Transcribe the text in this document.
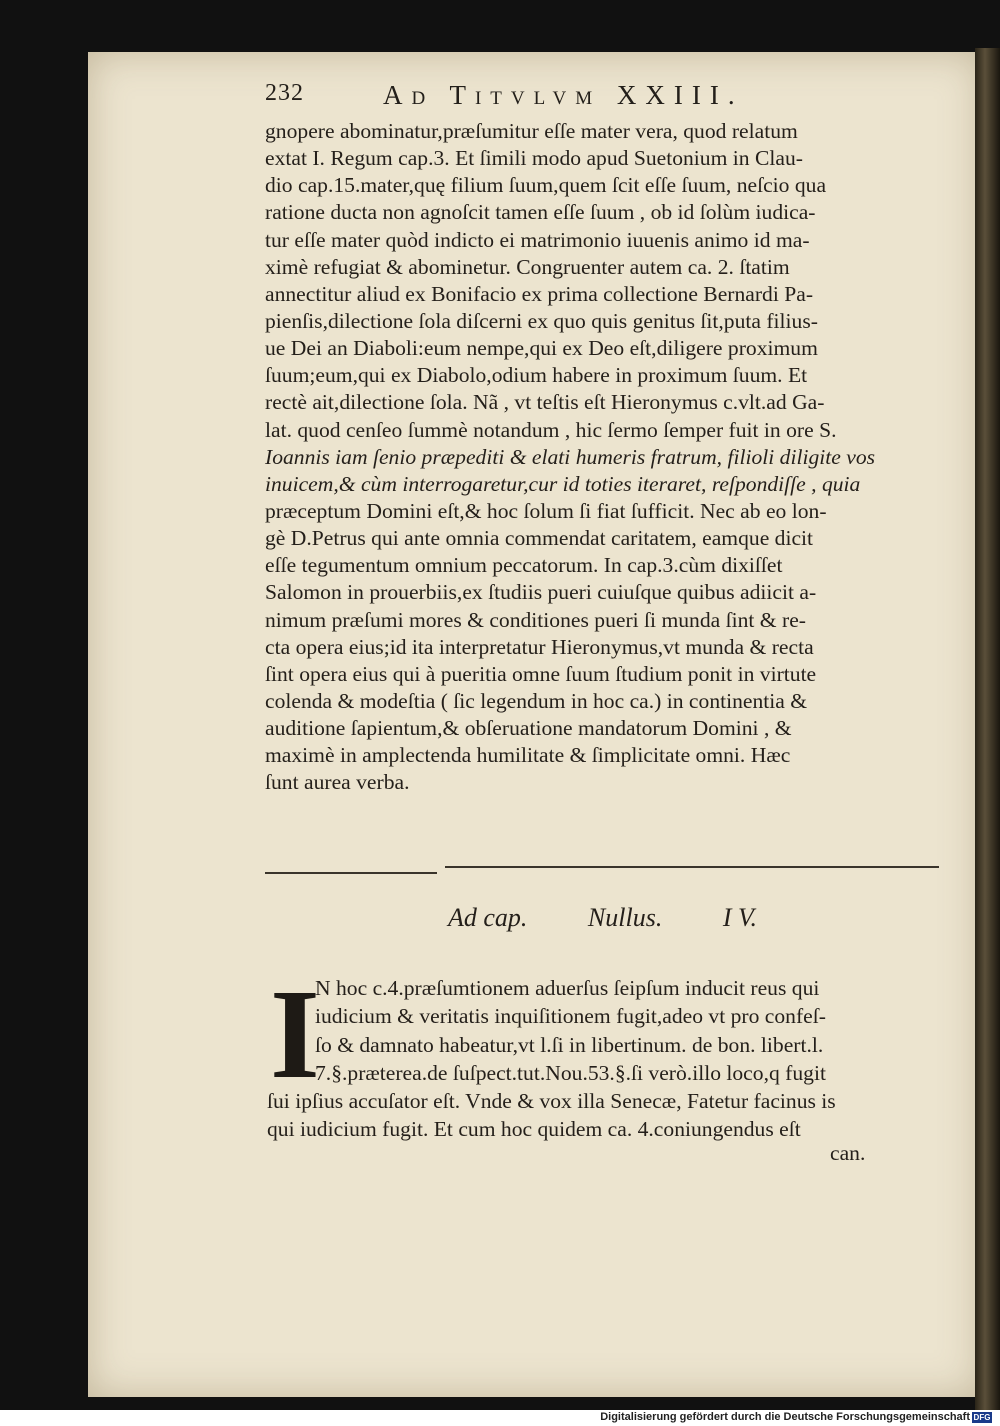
232	Ad Titvlvm XXIII.
gnopere abominatur,præſumitur eſſe mater vera, quod relatum
extat I. Regum cap.3. Et ſimili modo apud Suetonium in Clau-
dio cap.15.mater,quę filium ſuum,quem ſcit eſſe ſuum, neſcio qua
ratione ducta non agnoſcit tamen eſſe ſuum , ob id ſolùm iudica-
tur eſſe mater quòd indicto ei matrimonio iuuenis animo id ma-
ximè refugiat & abominetur. Congruenter autem ca. 2. ſtatim
annectitur aliud ex Bonifacio ex prima collectione Bernardi Pa-
pienſis,dilectione ſola diſcerni ex quo quis genitus ſit,puta filius-
ue Dei an Diaboli:eum nempe,qui ex Deo eſt,diligere proximum
ſuum;eum,qui ex Diabolo,odium habere in proximum ſuum. Et
rectè ait,dilectione ſola. Nã , vt teſtis eſt Hieronymus c.vlt.ad Ga-
lat. quod cenſeo ſummè notandum , hic ſermo ſemper fuit in ore S.
Ioannis iam ſenio præpediti & elati humeris fratrum, filioli diligite vos
inuicem,& cùm interrogaretur,cur id toties iteraret, reſpondiſſe , quia
præceptum Domini eſt,& hoc ſolum ſi fiat ſufficit. Nec ab eo lon-
gè D.Petrus qui ante omnia commendat caritatem, eamque dicit
eſſe tegumentum omnium peccatorum. In cap.3.cùm dixiſſet
Salomon in prouerbiis,ex ſtudiis pueri cuiuſque quibus adiicit a-
nimum præſumi mores & conditiones pueri ſi munda ſint & re-
cta opera eius;id ita interpretatur Hieronymus,vt munda & recta
ſint opera eius qui à pueritia omne ſuum ſtudium ponit in virtute
colenda & modeſtia ( ſic legendum in hoc ca.) in continentia &
auditione ſapientum,& obſeruatione mandatorum Domini , &
maximè in amplectenda humilitate & ſimplicitate omni. Hæc
ſunt aurea verba.
Ad cap. Nullus. I V.
I
N hoc c.4.præſumtionem aduerſus ſeipſum inducit reus qui
iudicium & veritatis inquiſitionem fugit,adeo vt pro confeſ-
ſo & damnato habeatur,vt l.ſi in libertinum. de bon. libert.l.
7.§.præterea.de ſuſpect.tut.Nou.53.§.ſi verò.illo loco,q fugit
ſui ipſius accuſator eſt. Vnde & vox illa Senecæ, Fatetur facinus is
qui iudicium fugit. Et cum hoc quidem ca. 4.coniungendus eſt
can.
Digitalisierung gefördert durch die Deutsche Forschungsgemeinschaft DFG
